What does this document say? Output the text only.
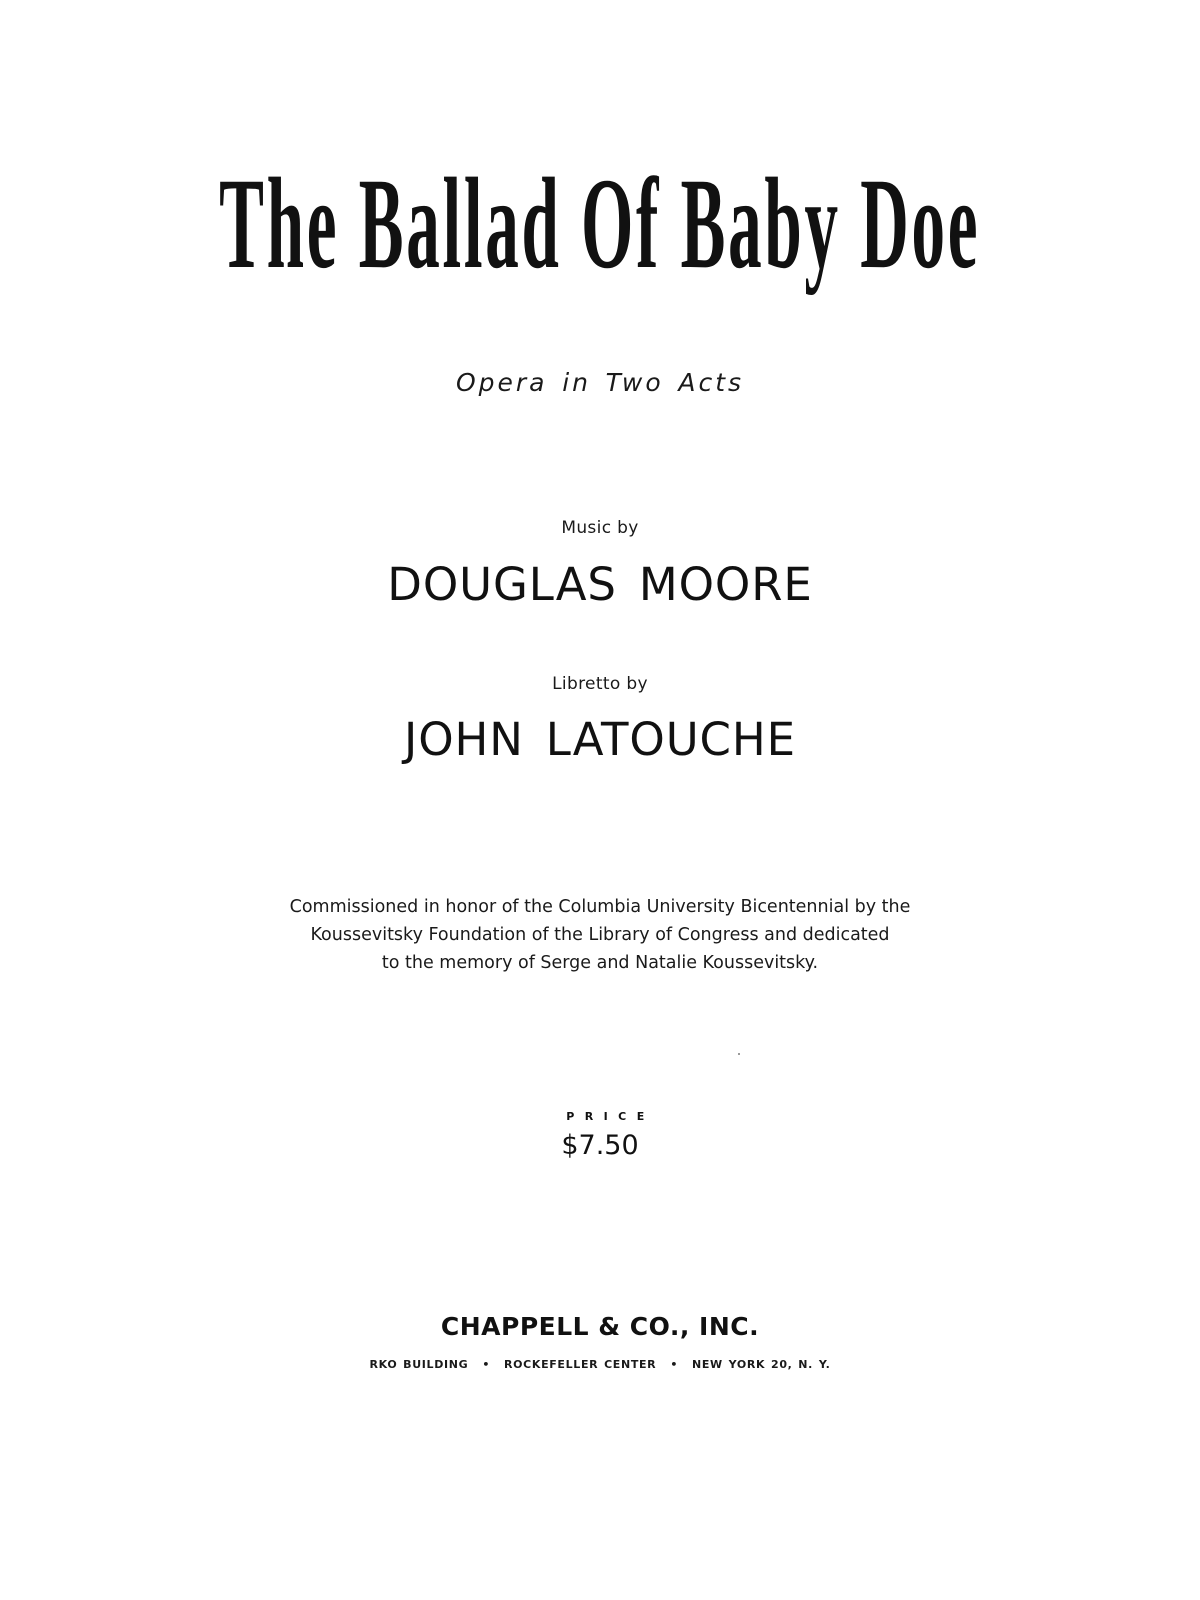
The Ballad Of Baby Doe
Opera in Two Acts
Music by
DOUGLAS MOORE
Libretto by
JOHN LATOUCHE
Commissioned in honor of the Columbia University Bicentennial by the
Koussevitsky Foundation of the Library of Congress and dedicated
to the memory of Serge and Natalie Koussevitsky.
PRICE
$7.50
CHAPPELL & CO., INC.
RKO BUILDING • ROCKEFELLER CENTER • NEW YORK 20, N. Y.
